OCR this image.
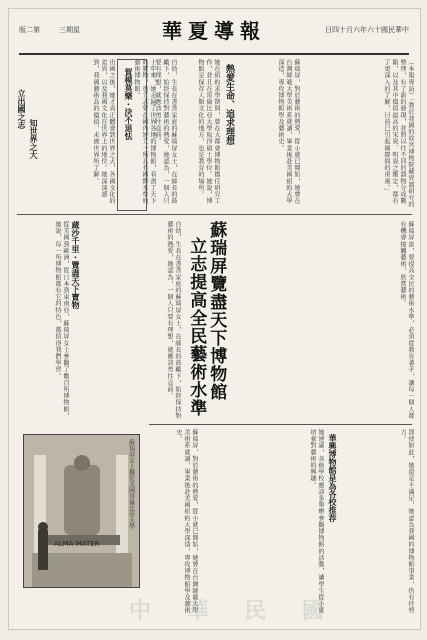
版二第	三期星	華夏導報	日四十月六年六十國民華中
（本報專訪）「教於我國的故宮博物院藏瓷器研究的整理，有了新的發現，並將以往不同的器物分成數類，以及其中價值最高的宋瓷、明瓷之鑑定，都有了更深入的了解，目前已引起國際間的重視。」
蘇瑞屏，對於藝術的熱愛，從小就已開始，她曾在台灣師範大學美術系就讀，畢業後赴美國紐約大學深造，專攻博物館學及藝術史。
熱愛生命、追求理想
她在紐約求學期間，曾在大都會博物館擔任研究工作，並且在哥倫比亞大學取得碩士學位。她說，博物館是保存人類文化的地方，也是教育的場所。
十年來，她走遍了世界各地的博物館，看盡了天下的寶物，也立志要在國內建立一所具有國際水準的藝術博物館。
賀模莫樂・決不退怯	自幼，生長在書香家庭的蘇瑞屏女士，在師長的鼓勵下，始終保持對藝術的熱愛，她認為，一個人只要有理想，就應該勇往直前。
立出國之志
知世界之大	出國之後，她才真正體會到世界之大，各國文化的差異，以及我國文化在世界上的地位。她深深感到，我國藝術品的價值，未被世界所了解。
蘇瑞屏覽盡天下博物館
立志提高全民藝術水準
蔵沙千里・覽盡天下寶物
從美國到歐洲，從日本到東南亞，蘇瑞屏女士參觀了數百所博物館，她說，每一所博物館都有它的特色，都值得我們學習。	自幼，生長在書香家庭的蘇瑞屏女士，在師長的鼓勵下，始終保持對藝術的熱愛，她認為，一個人只要有理想，就應該勇往直前。	蘇瑞屏說，要提高全民的藝術水準，必須從教育著手，讓每一個人都有機會接觸藝術，欣賞藝術。
即使如此，她還是不滿足，她認為我國的博物館事業，仍有待努力。
華興博物館是為各校推荐
她建議，各級學校應該多舉辦參觀博物館的活動，讓學生從小就培養對藝術的興趣。
蘇瑞屏，對於藝術的熱愛，從小就已開始，她曾在台灣師範大學美術系就讀，畢業後赴美國紐約大學深造，專攻博物館學及藝術史。
ALMA MATER
蘇瑞屏女士攝於美國哥倫比亞大學
中 華 民 國
